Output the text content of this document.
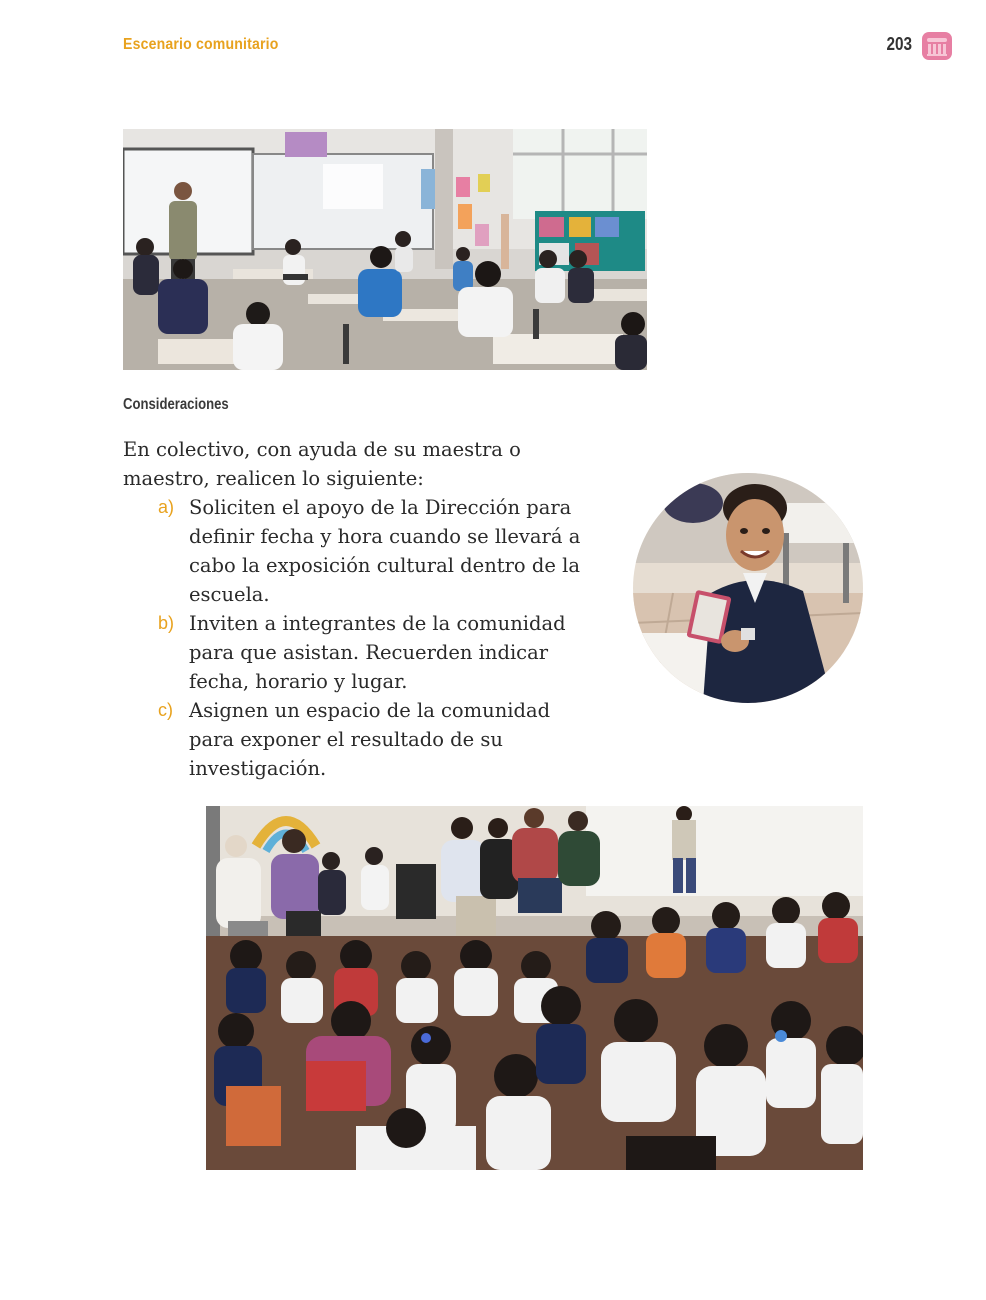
Escenario comunitario	203
Consideraciones
En colectivo, con ayuda de su maestra o maestro, realicen lo siguiente:
a) Soliciten el apoyo de la Dirección para definir fecha y hora cuando se llevará a cabo la exposición cultural dentro de la escuela.
b) Inviten a integrantes de la comunidad para que asistan. Recuerden indicar fecha, horario y lugar.
c) Asignen un espacio de la comunidad para exponer el resultado de su investigación.
